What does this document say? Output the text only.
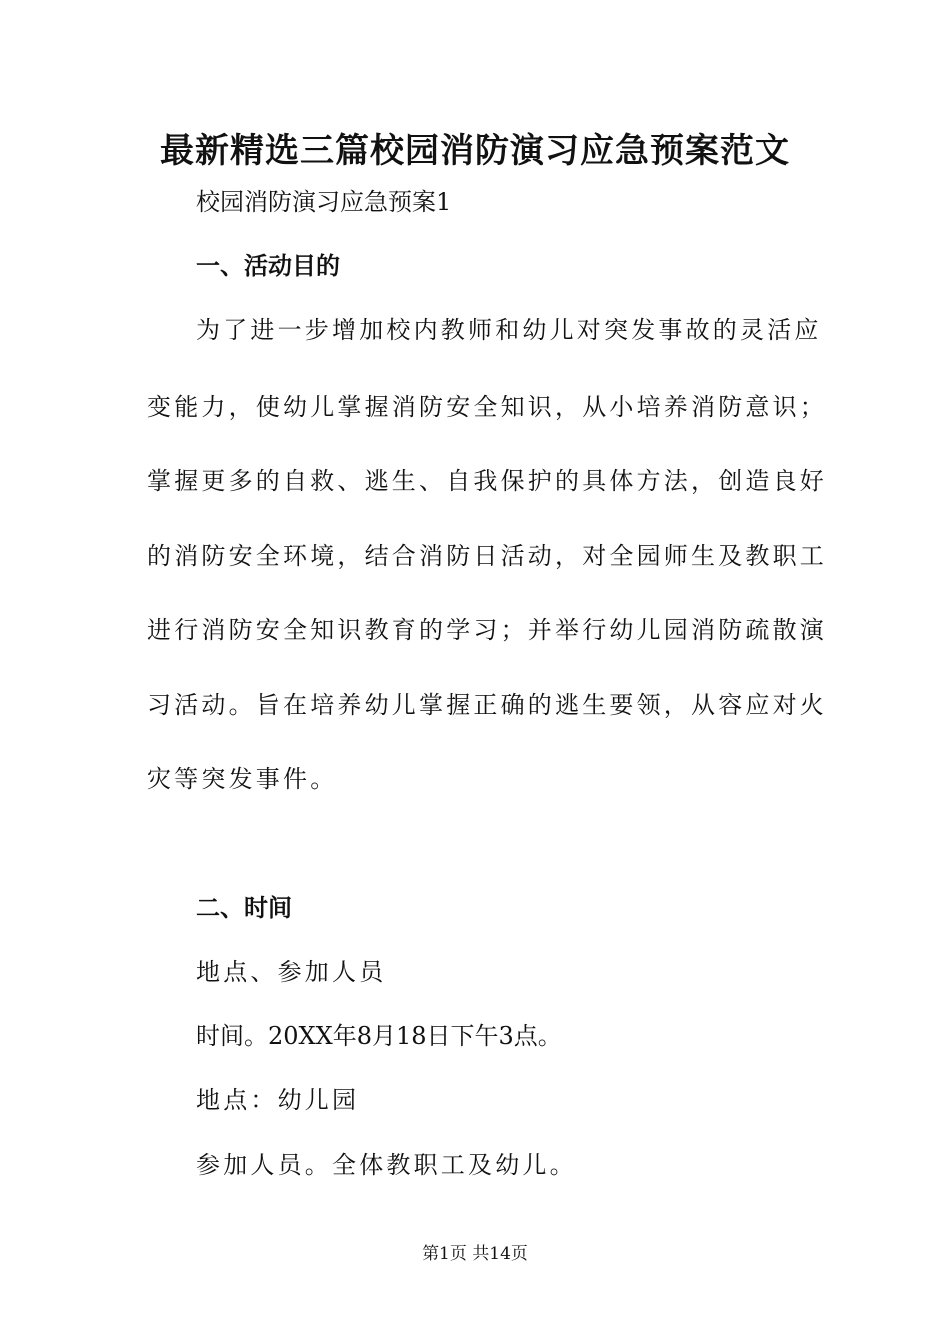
最新精选三篇校园消防演习应急预案范文
校园消防演习应急预案1
一、活动目的
为了进一步增加校内教师和幼儿对突发事故的灵活应
变能力，使幼儿掌握消防安全知识，从小培养消防意识；
掌握更多的自救、逃生、自我保护的具体方法，创造良好
的消防安全环境，结合消防日活动，对全园师生及教职工
进行消防安全知识教育的学习；并举行幼儿园消防疏散演
习活动。旨在培养幼儿掌握正确的逃生要领，从容应对火
灾等突发事件。
二、时间
地点、参加人员
时间。20XX年8月18日下午3点。
地点：幼儿园
参加人员。全体教职工及幼儿。
第1页 共14页
